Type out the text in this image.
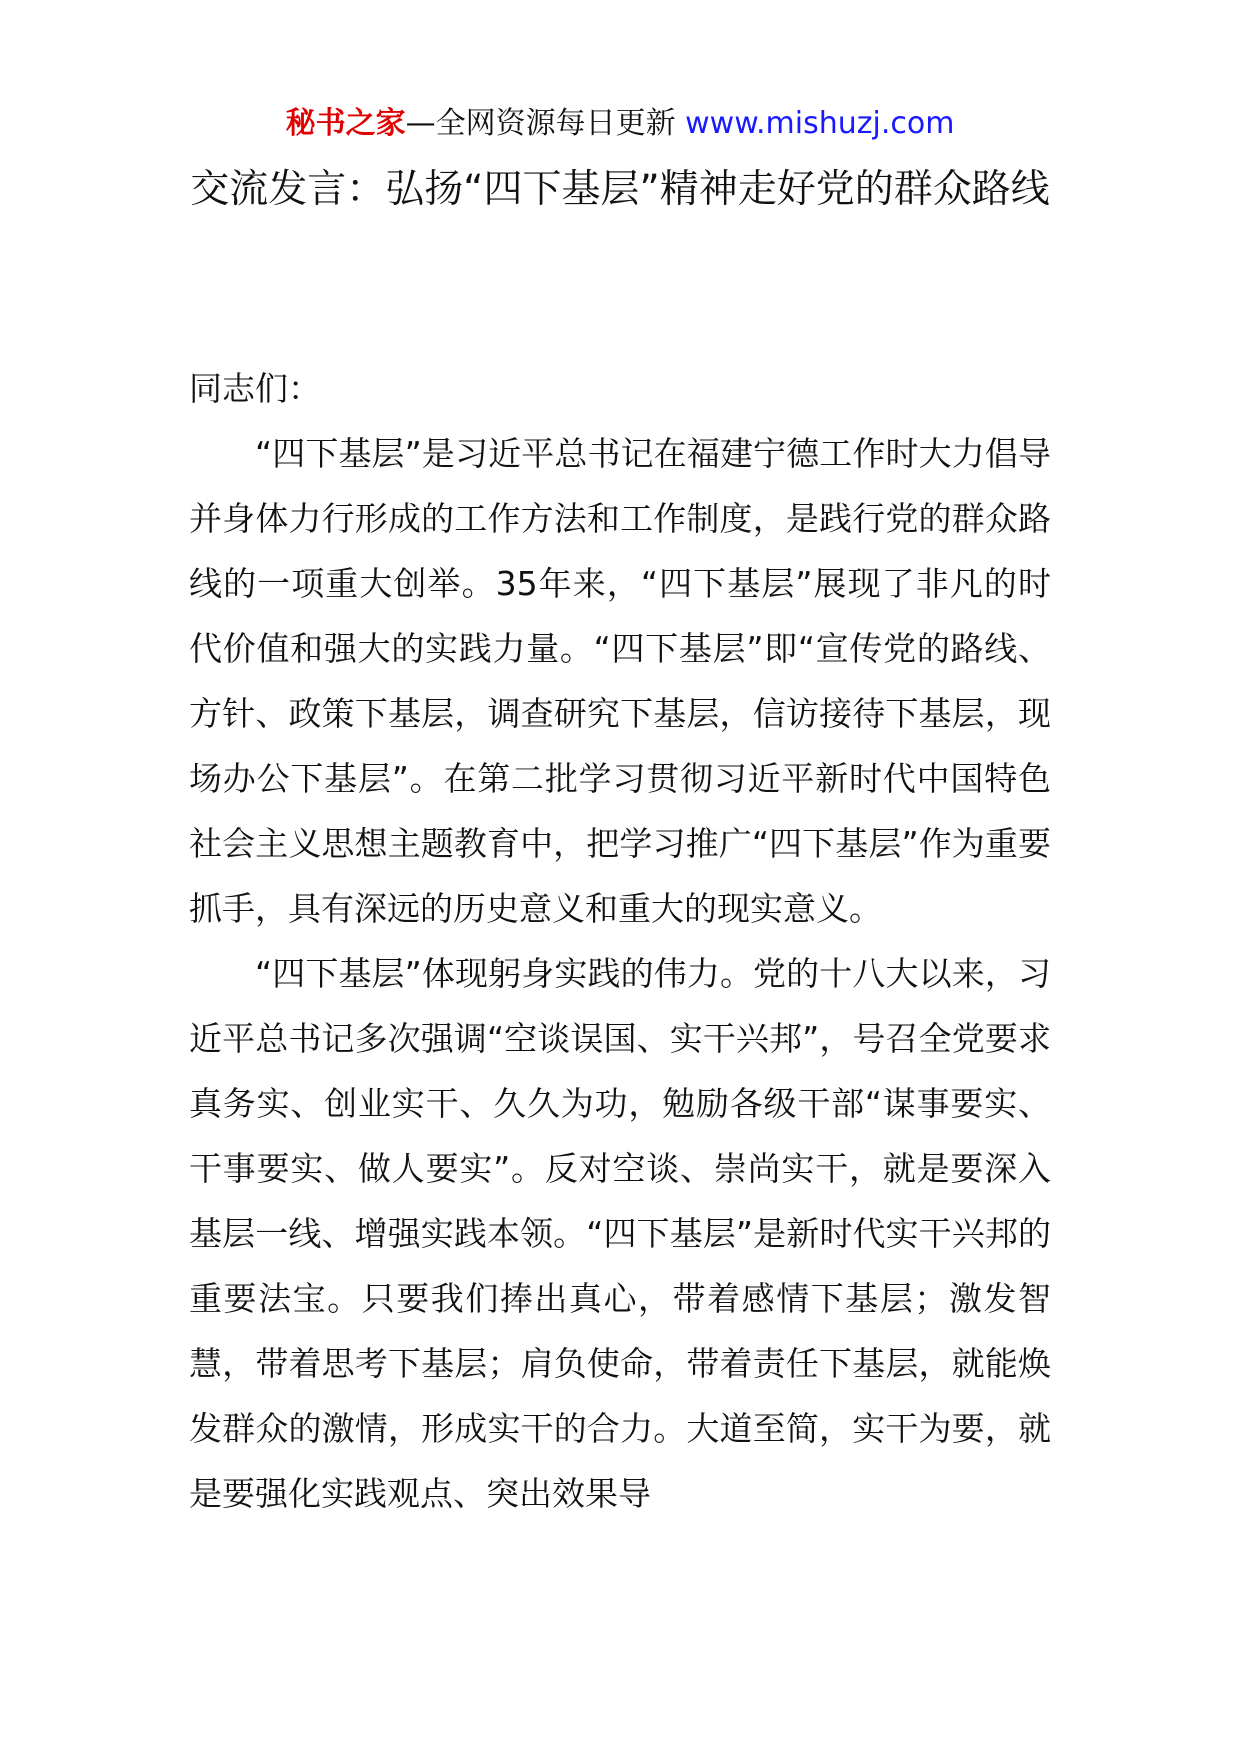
秘书之家—全网资源每日更新 www.mishuzj.com
交流发言：弘扬“四下基层”精神走好党的群众路线

同志们：

“四下基层”是习近平总书记在福建宁德工作时大力倡导并身体力行形成的工作方法和工作制度，是践行党的群众路线的一项重大创举。35年来，“四下基层”展现了非凡的时代价值和强大的实践力量。“四下基层”即“宣传党的路线、方针、政策下基层，调查研究下基层，信访接待下基层，现场办公下基层”。在第二批学习贯彻习近平新时代中国特色社会主义思想主题教育中，把学习推广“四下基层”作为重要抓手，具有深远的历史意义和重大的现实意义。

“四下基层”体现躬身实践的伟力。党的十八大以来，习近平总书记多次强调“空谈误国、实干兴邦”，号召全党要求真务实、创业实干、久久为功，勉励各级干部“谋事要实、干事要实、做人要实”。反对空谈、崇尚实干，就是要深入基层一线、增强实践本领。“四下基层”是新时代实干兴邦的重要法宝。只要我们捧出真心，带着感情下基层；激发智慧，带着思考下基层；肩负使命，带着责任下基层，就能焕发群众的激情，形成实干的合力。大道至简，实干为要，就是要强化实践观点、突出效果导
